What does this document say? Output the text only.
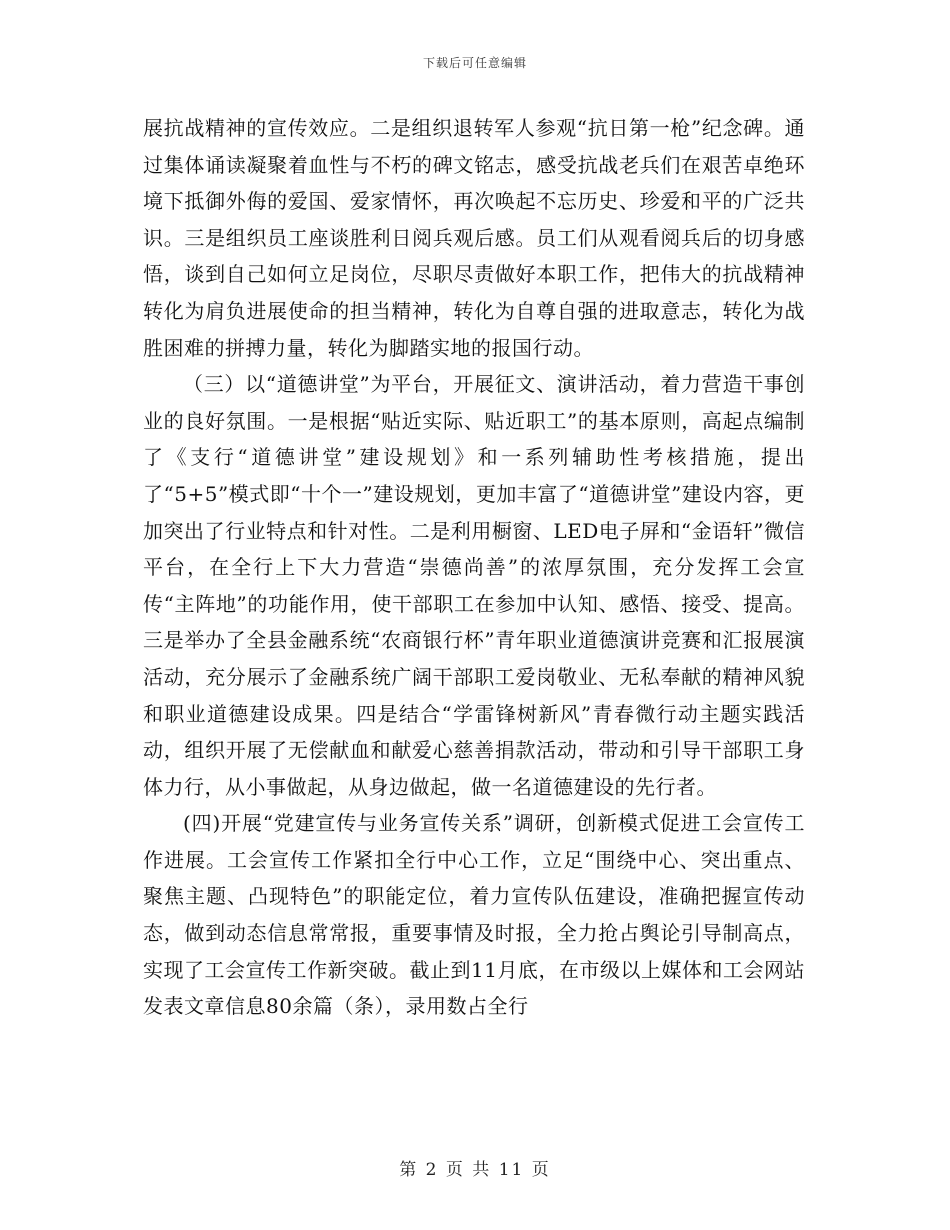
下载后可任意编辑

展抗战精神的宣传效应。二是组织退转军人参观“抗日第一枪”纪念碑。通过集体诵读凝聚着血性与不朽的碑文铭志，感受抗战老兵们在艰苦卓绝环境下抵御外侮的爱国、爱家情怀，再次唤起不忘历史、珍爱和平的广泛共识。三是组织员工座谈胜利日阅兵观后感。员工们从观看阅兵后的切身感悟，谈到自己如何立足岗位，尽职尽责做好本职工作，把伟大的抗战精神转化为肩负进展使命的担当精神，转化为自尊自强的进取意志，转化为战胜困难的拼搏力量，转化为脚踏实地的报国行动。

（三）以“道德讲堂”为平台，开展征文、演讲活动，着力营造干事创业的良好氛围。一是根据“贴近实际、贴近职工”的基本原则，高起点编制了《支行“道德讲堂”建设规划》和一系列辅助性考核措施，提出了“5+5”模式即“十个一”建设规划，更加丰富了“道德讲堂”建设内容，更加突出了行业特点和针对性。二是利用橱窗、LED电子屏和“金语轩”微信平台，在全行上下大力营造“崇德尚善”的浓厚氛围，充分发挥工会宣传“主阵地”的功能作用，使干部职工在参加中认知、感悟、接受、提高。三是举办了全县金融系统“农商银行杯”青年职业道德演讲竞赛和汇报展演活动，充分展示了金融系统广阔干部职工爱岗敬业、无私奉献的精神风貌和职业道德建设成果。四是结合“学雷锋树新风”青春微行动主题实践活动，组织开展了无偿献血和献爱心慈善捐款活动，带动和引导干部职工身体力行，从小事做起，从身边做起，做一名道德建设的先行者。

(四)开展“党建宣传与业务宣传关系”调研，创新模式促进工会宣传工作进展。工会宣传工作紧扣全行中心工作，立足“围绕中心、突出重点、聚焦主题、凸现特色”的职能定位，着力宣传队伍建设，准确把握宣传动态，做到动态信息常常报，重要事情及时报，全力抢占舆论引导制高点，实现了工会宣传工作新突破。截止到11月底，在市级以上媒体和工会网站发表文章信息80余篇（条），录用数占全行

第 2 页 共 11 页
